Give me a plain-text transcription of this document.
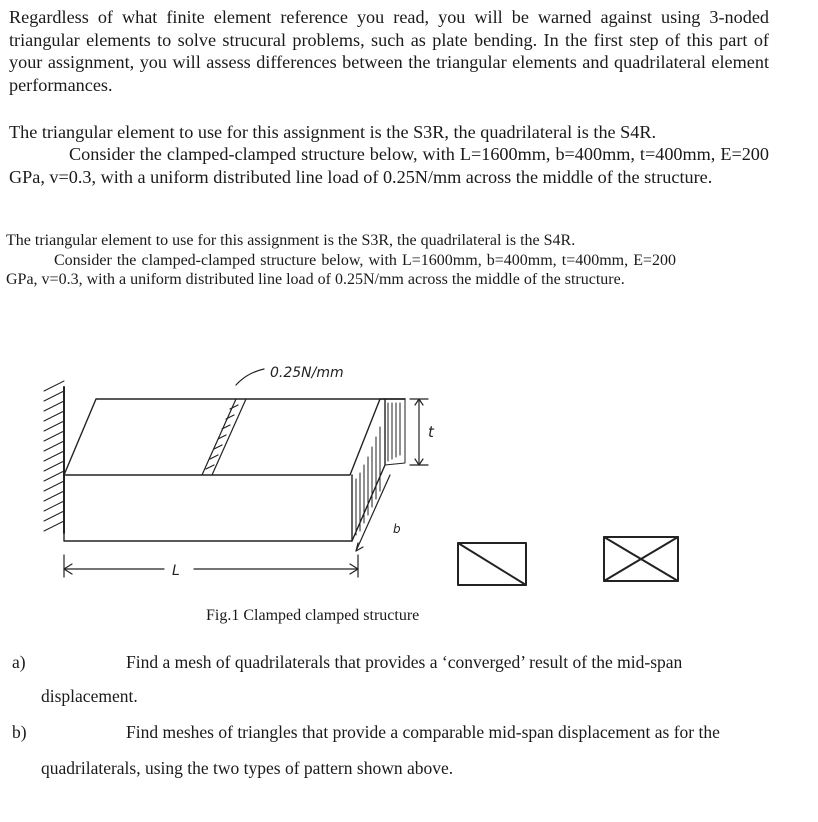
Regardless of what finite element reference you read, you will be warned against using 3-noded triangular elements to solve strucural problems, such as plate bending. In the first step of this part of your assignment, you will assess differences between the triangular elements and quadrilateral element performances.

The triangular element to use for this assignment is the S3R, the quadrilateral is the S4R.
Consider the clamped-clamped structure below, with L=1600mm, b=400mm, t=400mm, E=200 GPa, v=0.3, with a uniform distributed line load of 0.25N/mm across the middle of the structure.

The triangular element to use for this assignment is the S3R, the quadrilateral is the S4R.
Consider the clamped-clamped structure below, with L=1600mm, b=400mm, t=400mm, E=200 GPa, v=0.3, with a uniform distributed line load of 0.25N/mm across the middle of the structure.

0.25N/mm
L
t
b

Fig.1 Clamped clamped structure

a)	Find a mesh of quadrilaterals that provides a ‘converged’ result of the mid-span

displacement.

b)	Find meshes of triangles that provide a comparable mid-span displacement as for the

quadrilaterals, using the two types of pattern shown above.
